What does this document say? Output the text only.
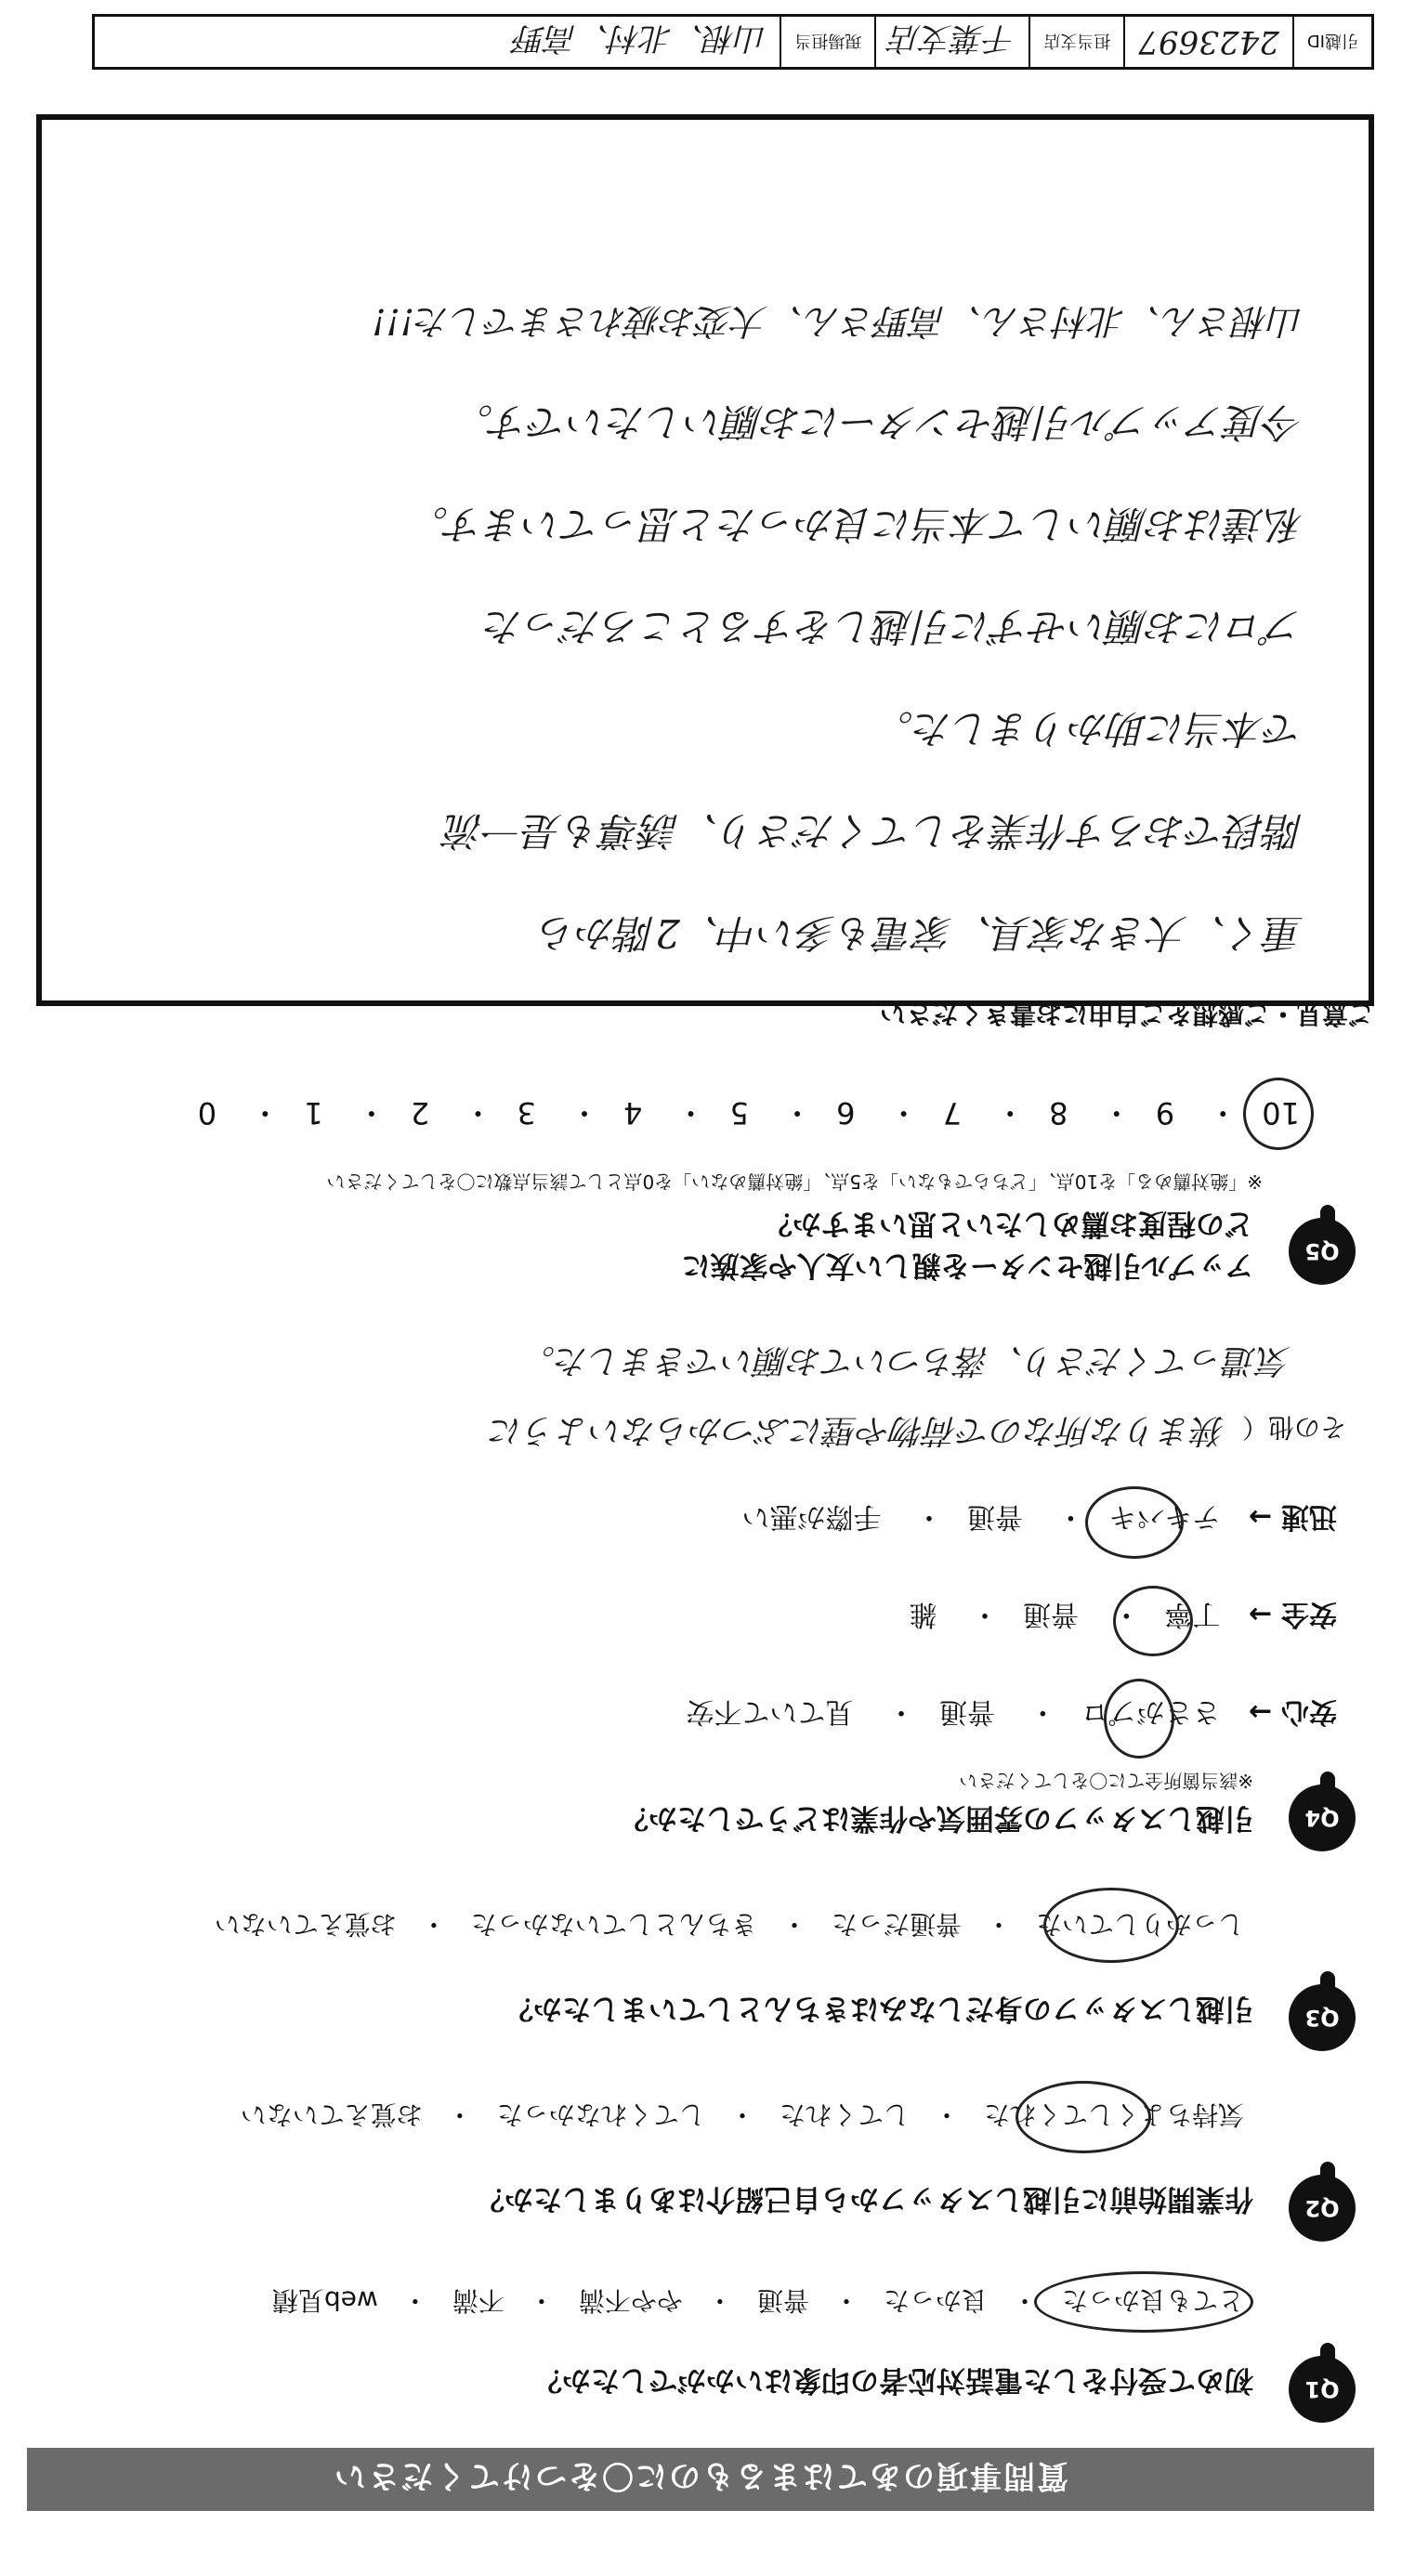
質問事項のあてはまるものに〇をつけてください
Q1
初めて受付をした電話対応者の印象はいかがでしたか？
とても良かった
・
良かった
・
普通
・
やや不満
・
不満
・
web見積
Q2
作業開始前に引越しスタッフから自己紹介はありましたか？
気持ちよくしてくれた
・
してくれた
・
してくれなかった
・
お覚えていない
Q3
引越しスタッフの身だしなみはきちんとしていましたか？
しっかりしていた
・
普通だった
・
きちんとしていなかった
・
お覚えていない
Q4
引越しスタッフの雰囲気や作業はどうでしたか？
※該当箇所全てに〇をしてください
安心→ ささがプロ・ 普通・ 見ていて不安
安全→ 丁寧・ 普通・ 雑
迅速→ テキパキ・ 普通・ 手際が悪い
その他（
狭まりな所なので荷物や壁にぶつからないように
気遣ってくださり、落ちついてお願いできました。
Q5
アップル引越センターを親しい友人や家族に
どの程度お薦めしたいと思いますか？
※「絶対薦める」を10点、「どちらでもない」を5点、「絶対薦めない」を0点として該当点数に〇をしてください
10・ 9・ 8・ 7・ 6・ 5・ 4・ 3・ 2・ 1・ 0
ご意見・ご感想をご自由にお書きください
重く、大きな家具、家電も多い中、2階から
階段でおろす作業をしてくださり、誘導も是一流
で本当に助かりました。
プロにお願いせずに引越しをするところだった
私達はお願いして本当に良かったと思っています。
今度アップル引越センターにお願いしたいです。
山根さん、北村さん、高野さん、大変お疲れさまでした!!!
引越ID
2423697
担当支店
千葉支店
現場担当
山根、北村、高野
